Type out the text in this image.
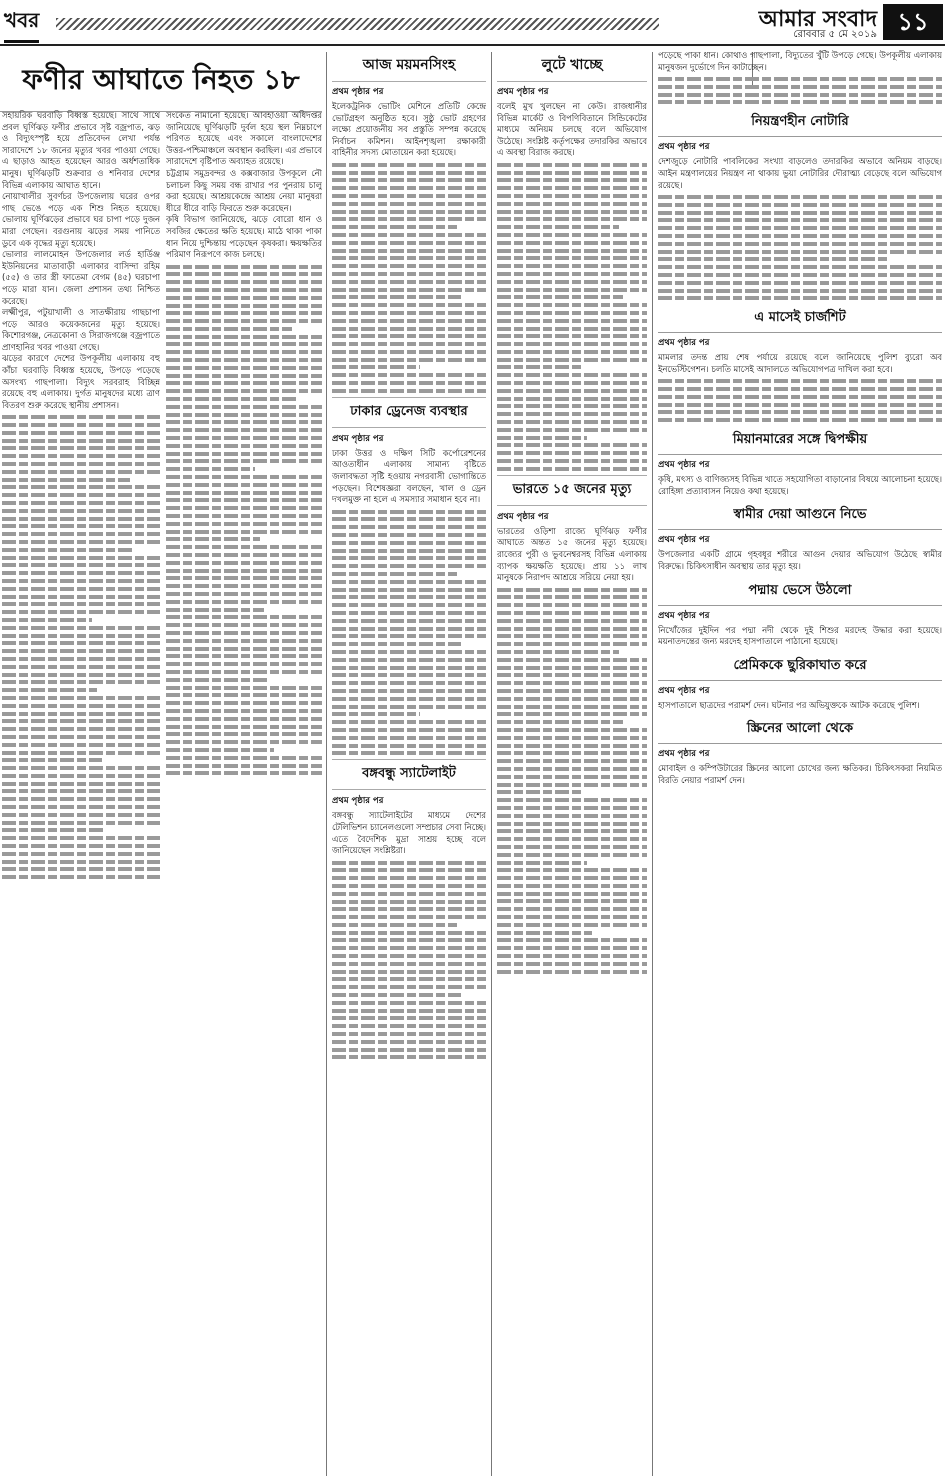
খবর	আমার সংবাদ
রোববার ৫ মে ২০১৯ ১১
ফণীর আঘাতে নিহত ১৮

সহায়রিক ঘরবাড়ি বিধ্বস্ত হয়েছে। সাথে সাথে প্রবল ঘূর্ণিঝড় ফণীর প্রভাবে সৃষ্ট বজ্রপাত, ঝড় ও বিদ্যুৎস্পৃষ্ট হয়ে প্রতিবেদন লেখা পর্যন্ত সারাদেশে ১৮ জনের মৃত্যুর খবর পাওয়া গেছে। এ ছাড়াও আহত হয়েছেন আরও অর্ধশতাধিক মানুষ। ঘূর্ণিঝড়টি শুক্রবার ও শনিবার দেশের বিভিন্ন এলাকায় আঘাত হানে।

নোয়াখালীর সুবর্ণচর উপজেলায় ঘরের ওপর গাছ ভেঙে পড়ে এক শিশু নিহত হয়েছে। ভোলায় ঘূর্ণিঝড়ের প্রভাবে ঘর চাপা পড়ে দুজন মারা গেছেন। বরগুনায় ঝড়ের সময় পানিতে ডুবে এক বৃদ্ধের মৃত্যু হয়েছে।

ভোলার লালমোহন উপজেলার লর্ড হার্ডিঞ্জ ইউনিয়নের মাতাবাড়ী এলাকার বাসিন্দা রহিম (৫৫) ও তার স্ত্রী ফাতেমা বেগম (৪৫) ঘরচাপা পড়ে মারা যান। জেলা প্রশাসন তথ্য নিশ্চিত করেছে।

লক্ষ্মীপুর, পটুয়াখালী ও সাতক্ষীরায় গাছচাপা পড়ে আরও কয়েকজনের মৃত্যু হয়েছে। কিশোরগঞ্জ, নেত্রকোনা ও সিরাজগঞ্জে বজ্রপাতে প্রাণহানির খবর পাওয়া গেছে।

ঝড়ের কারণে দেশের উপকূলীয় এলাকায় বহু কাঁচা ঘরবাড়ি বিধ্বস্ত হয়েছে, উপড়ে পড়েছে অসংখ্য গাছপালা। বিদ্যুৎ সরবরাহ বিচ্ছিন্ন রয়েছে বহু এলাকায়। দুর্গত মানুষদের মধ্যে ত্রাণ বিতরণ শুরু করেছে স্থানীয় প্রশাসন।

সংকেত নামানো হয়েছে। আবহাওয়া অধিদপ্তর জানিয়েছে ঘূর্ণিঝড়টি দুর্বল হয়ে স্থল নিম্নচাপে পরিণত হয়েছে এবং সকালে বাংলাদেশের উত্তর-পশ্চিমাঞ্চলে অবস্থান করছিল। এর প্রভাবে সারাদেশে বৃষ্টিপাত অব্যাহত রয়েছে।

চট্টগ্রাম সমুদ্রবন্দর ও কক্সবাজার উপকূলে নৌ চলাচল কিছু সময় বন্ধ রাখার পর পুনরায় চালু করা হয়েছে। আশ্রয়কেন্দ্রে আশ্রয় নেয়া মানুষরা ধীরে ধীরে বাড়ি ফিরতে শুরু করেছেন।

কৃষি বিভাগ জানিয়েছে, ঝড়ে বোরো ধান ও সবজির ক্ষেতের ক্ষতি হয়েছে। মাঠে থাকা পাকা ধান নিয়ে দুশ্চিন্তায় পড়েছেন কৃষকরা। ক্ষয়ক্ষতির পরিমাণ নিরূপণে কাজ চলছে।

আজ ময়মনসিংহ
প্রথম পৃষ্ঠার পর

ইলেকট্রনিক ভোটিং মেশিনে প্রতিটি কেন্দ্রে ভোটগ্রহণ অনুষ্ঠিত হবে। সুষ্ঠু ভোট গ্রহণের লক্ষ্যে প্রয়োজনীয় সব প্রস্তুতি সম্পন্ন করেছে নির্বাচন কমিশন। আইনশৃঙ্খলা রক্ষাকারী বাহিনীর সদস্য মোতায়েন করা হয়েছে।

ঢাকার ড্রেনেজ ব্যবস্থার
প্রথম পৃষ্ঠার পর

ঢাকা উত্তর ও দক্ষিণ সিটি কর্পোরেশনের আওতাধীন এলাকায় সামান্য বৃষ্টিতে জলাবদ্ধতা সৃষ্টি হওয়ায় নগরবাসী ভোগান্তিতে পড়ছেন। বিশেষজ্ঞরা বলছেন, খাল ও ড্রেন দখলমুক্ত না হলে এ সমস্যার সমাধান হবে না।

বঙ্গবন্ধু স্যাটেলাইট
প্রথম পৃষ্ঠার পর

বঙ্গবন্ধু স্যাটেলাইটের মাধ্যমে দেশের টেলিভিশন চ্যানেলগুলো সম্প্রচার সেবা নিচ্ছে। এতে বৈদেশিক মুদ্রা সাশ্রয় হচ্ছে বলে জানিয়েছেন সংশ্লিষ্টরা।

লুটে খাচ্ছে
প্রথম পৃষ্ঠার পর

বলেই মুখ খুলছেন না কেউ। রাজধানীর বিভিন্ন মার্কেট ও বিপণিবিতানে সিন্ডিকেটের মাধ্যমে অনিয়ম চলছে বলে অভিযোগ উঠেছে। সংশ্লিষ্ট কর্তৃপক্ষের তদারকির অভাবে এ অবস্থা বিরাজ করছে।

ভারতে ১৫ জনের মৃত্যু
প্রথম পৃষ্ঠার পর

ভারতের ওড়িশা রাজ্যে ঘূর্ণিঝড় ফণীর আঘাতে অন্তত ১৫ জনের মৃত্যু হয়েছে। রাজ্যের পুরী ও ভুবনেশ্বরসহ বিভিন্ন এলাকায় ব্যাপক ক্ষয়ক্ষতি হয়েছে। প্রায় ১১ লাখ মানুষকে নিরাপদ আশ্রয়ে সরিয়ে নেয়া হয়।

পড়েছে পাকা ধান। কোথাও গাছপালা, বিদ্যুতের খুঁটি উপড়ে গেছে। উপকূলীয় এলাকায় মানুষজন দুর্ভোগে দিন কাটাচ্ছেন।

নিয়ন্ত্রণহীন নোটারি
প্রথম পৃষ্ঠার পর

দেশজুড়ে নোটারি পাবলিকের সংখ্যা বাড়লেও তদারকির অভাবে অনিয়ম বাড়ছে। আইন মন্ত্রণালয়ের নিয়ন্ত্রণ না থাকায় ভুয়া নোটারির দৌরাত্ম্য বেড়েছে বলে অভিযোগ রয়েছে।

এ মাসেই চার্জশিট
প্রথম পৃষ্ঠার পর

মামলার তদন্ত প্রায় শেষ পর্যায়ে রয়েছে বলে জানিয়েছে পুলিশ ব্যুরো অব ইনভেস্টিগেশন। চলতি মাসেই আদালতে অভিযোগপত্র দাখিল করা হবে।

মিয়ানমারের সঙ্গে দ্বিপক্ষীয়
প্রথম পৃষ্ঠার পর

কৃষি, মৎস্য ও বাণিজ্যসহ বিভিন্ন খাতে সহযোগিতা বাড়ানোর বিষয়ে আলোচনা হয়েছে। রোহিঙ্গা প্রত্যাবাসন নিয়েও কথা হয়েছে।

স্বামীর দেয়া আগুনে নিভে
প্রথম পৃষ্ঠার পর

উপজেলার একটি গ্রামে গৃহবধূর শরীরে আগুন দেয়ার অভিযোগ উঠেছে স্বামীর বিরুদ্ধে। চিকিৎসাধীন অবস্থায় তার মৃত্যু হয়।

পদ্মায় ভেসে উঠলো
প্রথম পৃষ্ঠার পর

নিখোঁজের দুইদিন পর পদ্মা নদী থেকে দুই শিশুর মরদেহ উদ্ধার করা হয়েছে। ময়নাতদন্তের জন্য মরদেহ হাসপাতালে পাঠানো হয়েছে।

প্রেমিককে ছুরিকাঘাত করে
প্রথম পৃষ্ঠার পর

হাসপাতালে ছাত্রদের পরামর্শ দেন। ঘটনার পর অভিযুক্তকে আটক করেছে পুলিশ।

স্ক্রিনের আলো থেকে
প্রথম পৃষ্ঠার পর

মোবাইল ও কম্পিউটারের স্ক্রিনের আলো চোখের জন্য ক্ষতিকর। চিকিৎসকরা নিয়মিত বিরতি নেয়ার পরামর্শ দেন।
